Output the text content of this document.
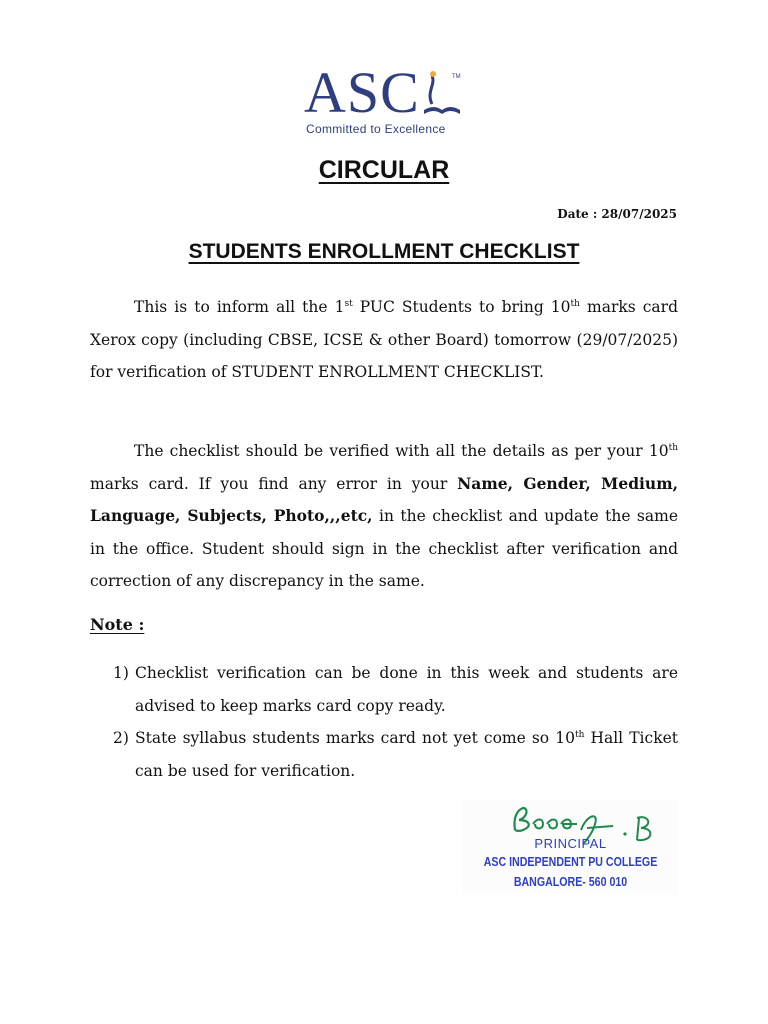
ASC	TM
Committed to Excellence
CIRCULAR
Date : 28/07/2025
STUDENTS ENROLLMENT CHECKLIST

This is to inform all the 1st PUC Students to bring 10th marks card Xerox copy (including CBSE, ICSE & other Board) tomorrow (29/07/2025) for verification of STUDENT ENROLLMENT CHECKLIST.

The checklist should be verified with all the details as per your 10th marks card. If you find any error in your Name, Gender, Medium, Language, Subjects, Photo,,,etc, in the checklist and update the same in the office. Student should sign in the checklist after verification and correction of any discrepancy in the same.

Note :
1) Checklist verification can be done in this week and students are advised to keep marks card copy ready.
2) State syllabus students marks card not yet come so 10th Hall Ticket can be used for verification.
PRINCIPAL
ASC INDEPENDENT PU COLLEGE
BANGALORE- 560 010
